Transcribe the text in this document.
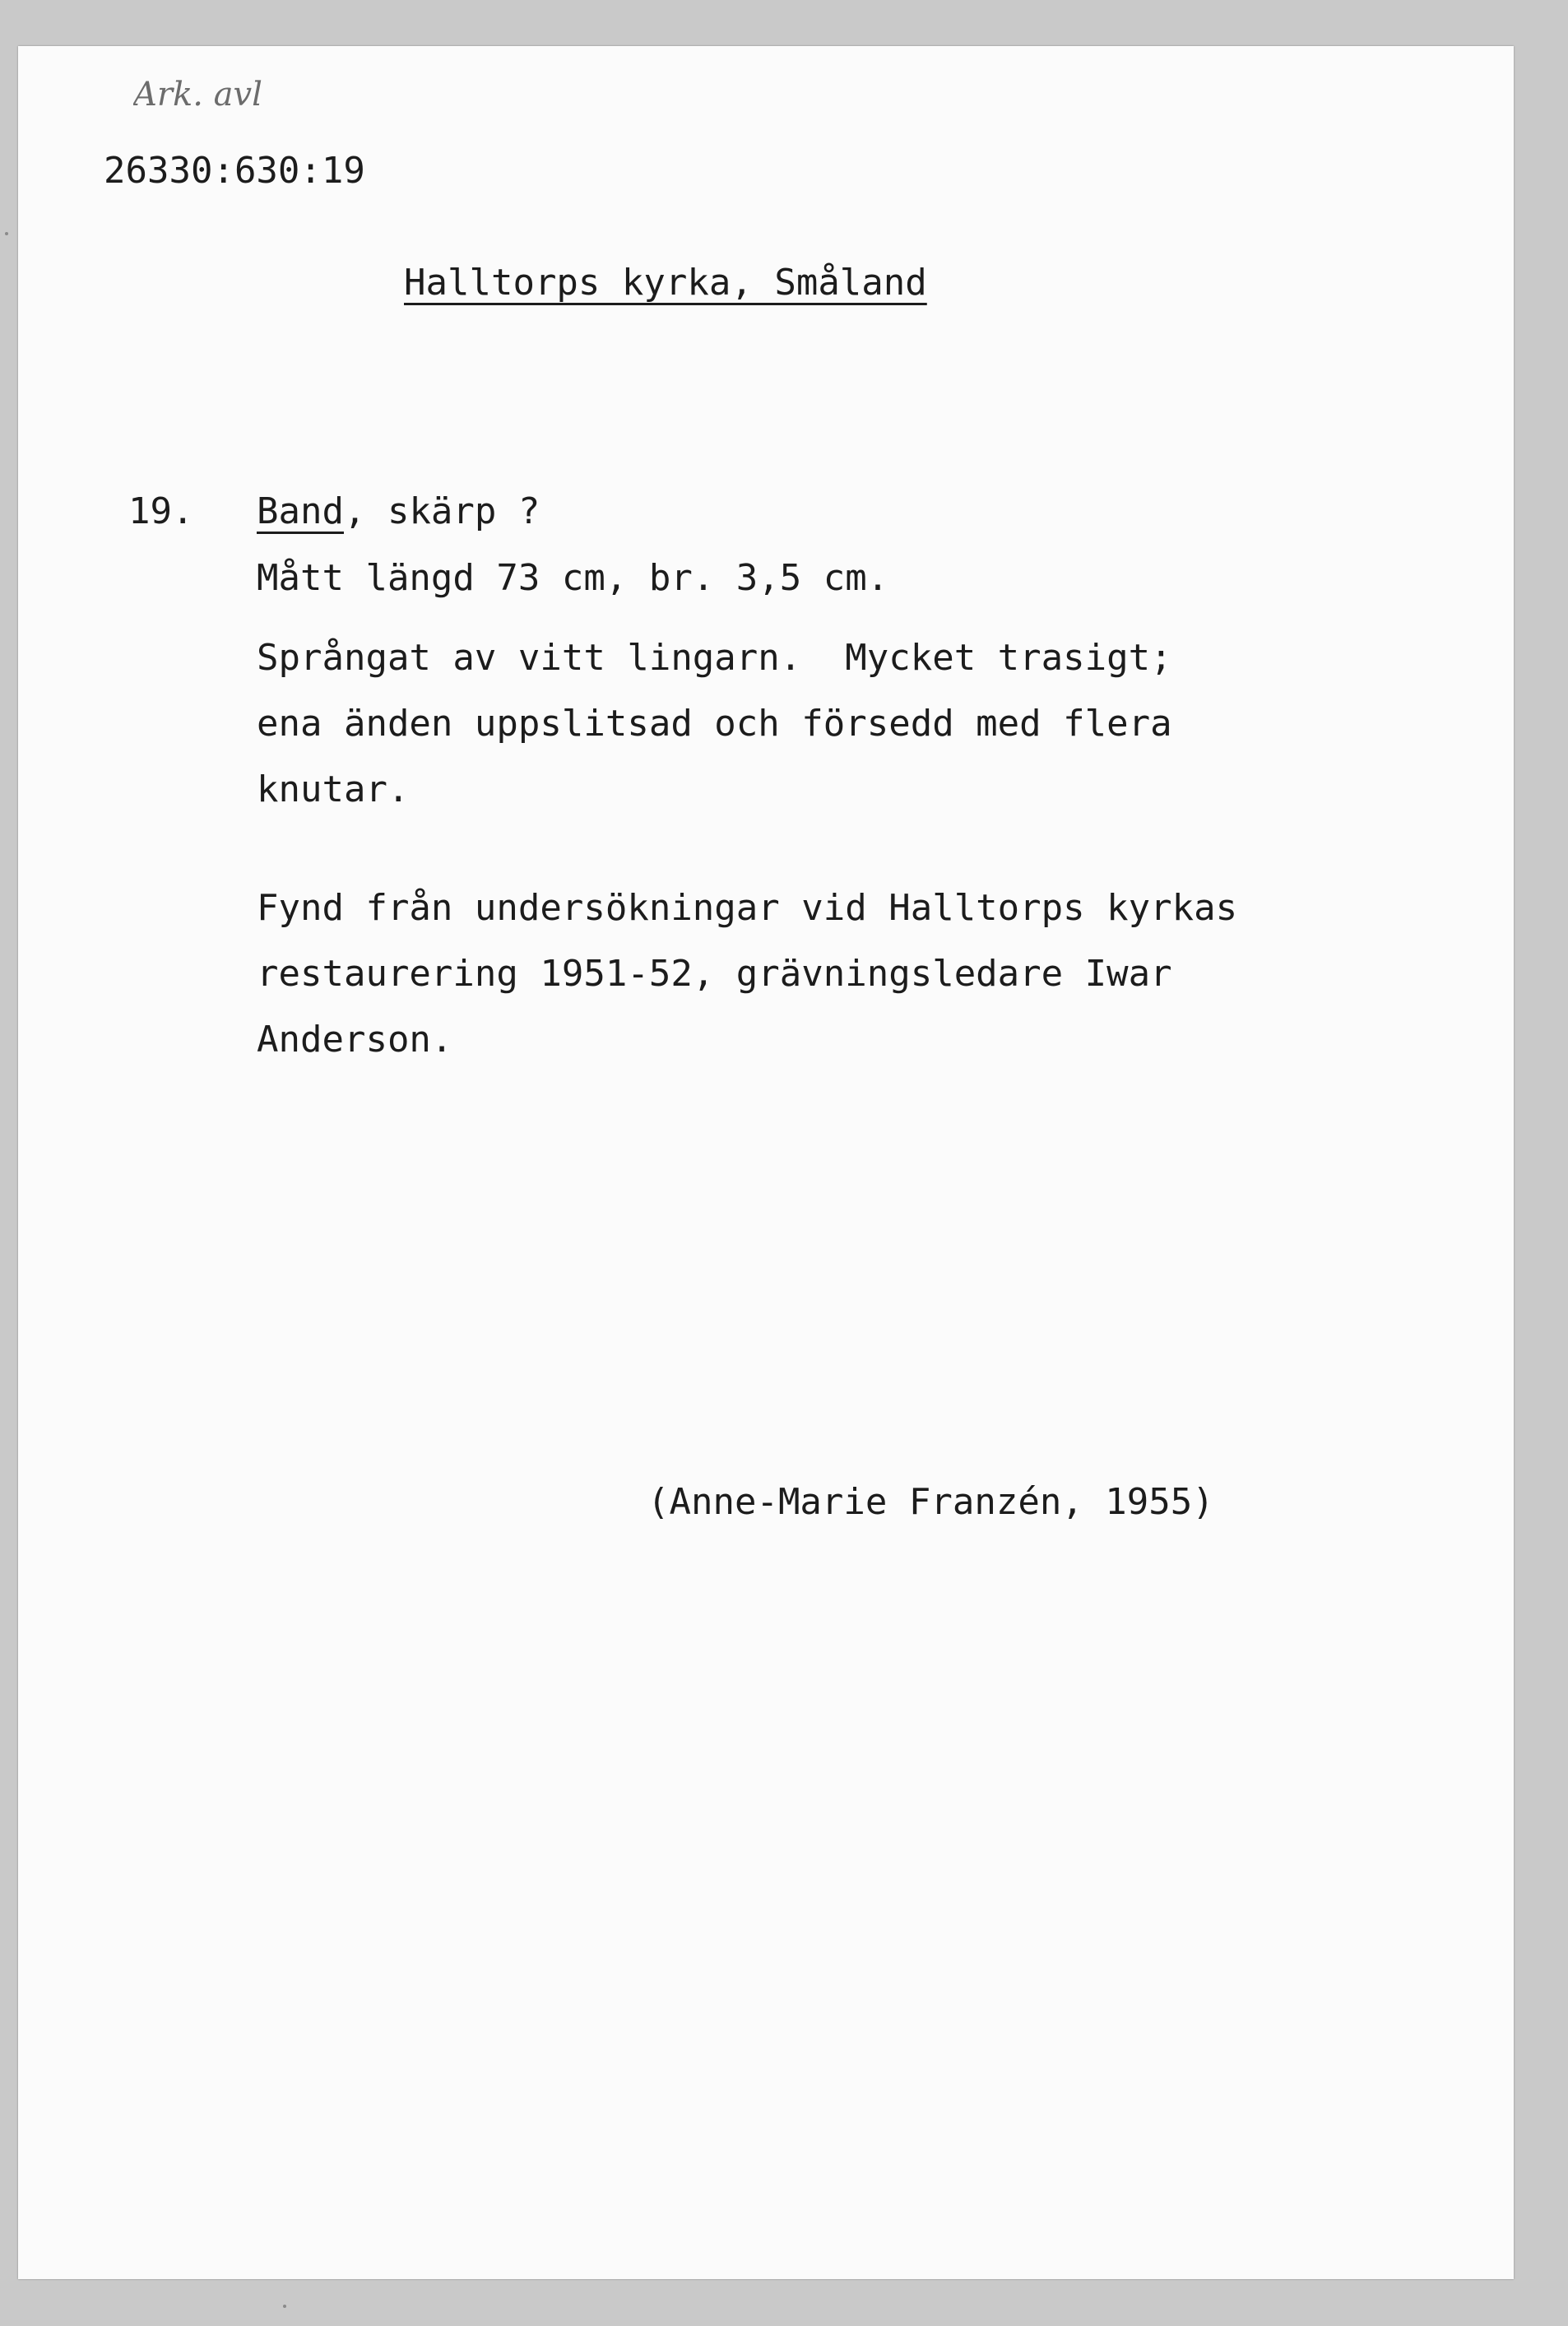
Ark. avl
26330:630:19
Halltorps kyrka, Småland
19. Band, skärp ?
Mått längd 73 cm, br. 3,5 cm.
Språngat av vitt lingarn.  Mycket trasigt;
ena änden uppslitsad och försedd med flera
knutar.
Fynd från undersökningar vid Halltorps kyrkas
restaurering 1951-52, grävningsledare Iwar
Anderson.
(Anne-Marie Franzén, 1955)
